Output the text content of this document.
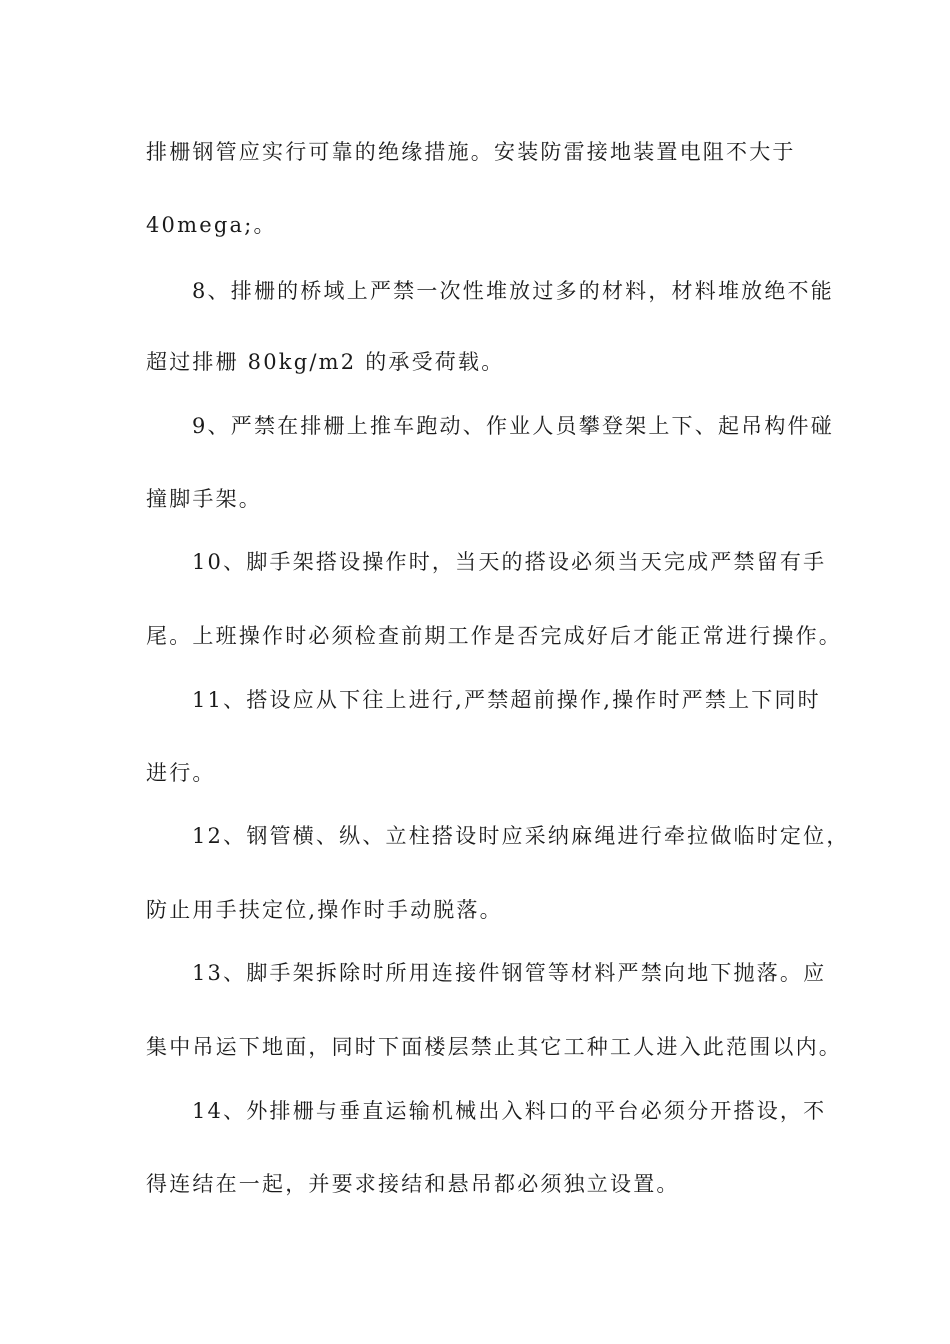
排栅钢管应实行可靠的绝缘措施。安装防雷接地装置电阻不大于
40mega;。
8、排栅的桥域上严禁一次性堆放过多的材料，材料堆放绝不能
超过排栅 80kg/m2 的承受荷载。
9、严禁在排栅上推车跑动、作业人员攀登架上下、起吊构件碰
撞脚手架。
10、脚手架搭设操作时，当天的搭设必须当天完成严禁留有手
尾。上班操作时必须检查前期工作是否完成好后才能正常进行操作。
11、搭设应从下往上进行,严禁超前操作,操作时严禁上下同时
进行。
12、钢管横、纵、立柱搭设时应采纳麻绳进行牵拉做临时定位，
防止用手扶定位,操作时手动脱落。
13、脚手架拆除时所用连接件钢管等材料严禁向地下抛落。应
集中吊运下地面，同时下面楼层禁止其它工种工人进入此范围以内。
14、外排栅与垂直运输机械出入料口的平台必须分开搭设，不
得连结在一起，并要求接结和悬吊都必须独立设置。
